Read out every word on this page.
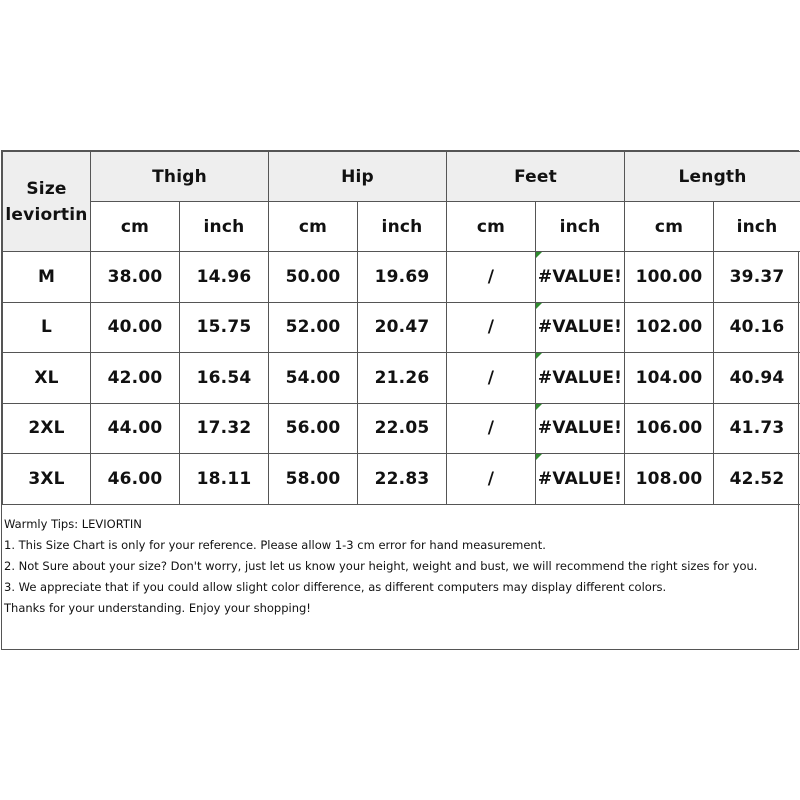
Size
leviortin	Thigh		Hip		Feet		Length	
	cm	inch	cm	inch	cm	inch	cm	inch
M	38.00	14.96	50.00	19.69	/	#VALUE!	100.00	39.37
L	40.00	15.75	52.00	20.47	/	#VALUE!	102.00	40.16
XL	42.00	16.54	54.00	21.26	/	#VALUE!	104.00	40.94
2XL	44.00	17.32	56.00	22.05	/	#VALUE!	106.00	41.73
3XL	46.00	18.11	58.00	22.83	/	#VALUE!	108.00	42.52
Warmly Tips: LEVIORTIN
1. This Size Chart is only for your reference. Please allow 1-3 cm error for hand measurement.
2. Not Sure about your size? Don't worry, just let us know your height, weight and bust, we will recommend the right sizes for you.
3. We appreciate that if you could allow slight color difference, as different computers may display different colors.
Thanks for your understanding. Enjoy your shopping!
